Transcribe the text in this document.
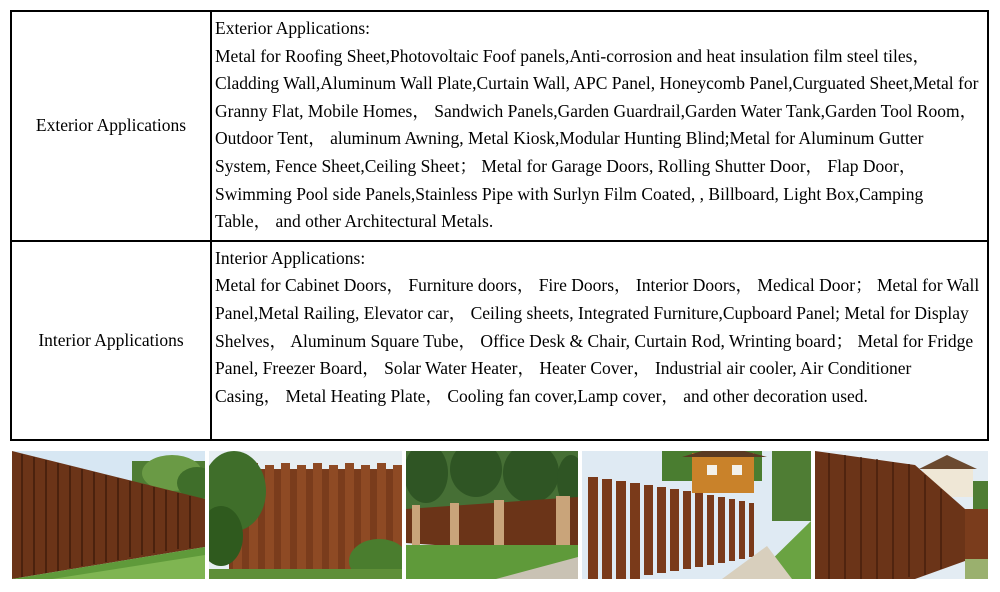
Exterior Applications	Exterior Applications:
Metal for Roofing Sheet,Photovoltaic Foof panels,Anti-corrosion and heat insulation film steel tiles， Cladding Wall,Aluminum Wall Plate,Curtain Wall, APC Panel, Honeycomb Panel,Curguated Sheet,Metal for Granny Flat, Mobile Homes， Sandwich Panels,Garden Guardrail,Garden Water Tank,Garden Tool Room， Outdoor Tent， aluminum Awning, Metal Kiosk,Modular Hunting Blind;Metal for Aluminum Gutter System, Fence Sheet,Ceiling Sheet； Metal for Garage Doors, Rolling Shutter Door， Flap Door， Swimming Pool side Panels,Stainless Pipe with Surlyn Film Coated, , Billboard, Light Box,Camping Table， and other Architectural Metals.
Interior Applications	Interior Applications:
Metal for Cabinet Doors， Furniture doors， Fire Doors， Interior Doors， Medical Door； Metal for Wall Panel,Metal Railing, Elevator car， Ceiling sheets, Integrated Furniture,Cupboard Panel; Metal for Display Shelves， Aluminum Square Tube， Office Desk & Chair, Curtain Rod, Wrinting board； Metal for Fridge Panel, Freezer Board， Solar Water Heater， Heater Cover， Industrial air cooler, Air Conditioner Casing， Metal Heating Plate， Cooling fan cover,Lamp cover， and other decoration used.
